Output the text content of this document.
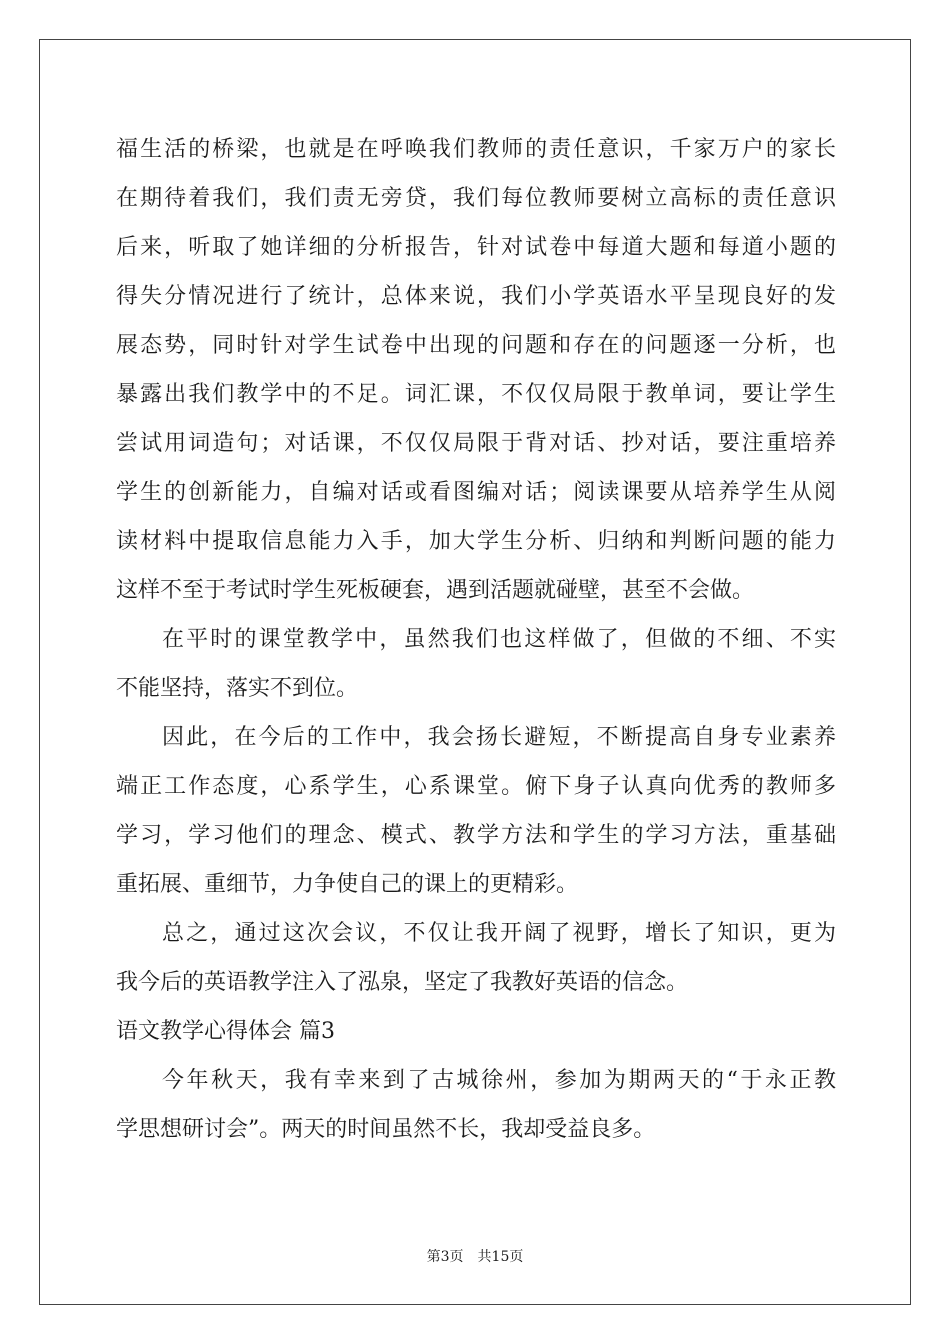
福生活的桥梁，也就是在呼唤我们教师的责任意识，千家万户的家长
在期待着我们，我们责无旁贷，我们每位教师要树立高标的责任意识
后来，听取了她详细的分析报告，针对试卷中每道大题和每道小题的
得失分情况进行了统计，总体来说，我们小学英语水平呈现良好的发
展态势，同时针对学生试卷中出现的问题和存在的问题逐一分析，也
暴露出我们教学中的不足。词汇课，不仅仅局限于教单词，要让学生
尝试用词造句；对话课，不仅仅局限于背对话、抄对话，要注重培养
学生的创新能力，自编对话或看图编对话；阅读课要从培养学生从阅
读材料中提取信息能力入手，加大学生分析、归纳和判断问题的能力
这样不至于考试时学生死板硬套，遇到活题就碰壁，甚至不会做。
在平时的课堂教学中，虽然我们也这样做了，但做的不细、不实
不能坚持，落实不到位。
因此，在今后的工作中，我会扬长避短，不断提高自身专业素养
端正工作态度，心系学生，心系课堂。俯下身子认真向优秀的教师多
学习，学习他们的理念、模式、教学方法和学生的学习方法，重基础
重拓展、重细节，力争使自己的课上的更精彩。
总之，通过这次会议，不仅让我开阔了视野，增长了知识，更为
我今后的英语教学注入了泓泉，坚定了我教好英语的信念。
语文教学心得体会 篇3
今年秋天，我有幸来到了古城徐州，参加为期两天的“于永正教
学思想研讨会”。两天的时间虽然不长，我却受益良多。
第3页 共15页
